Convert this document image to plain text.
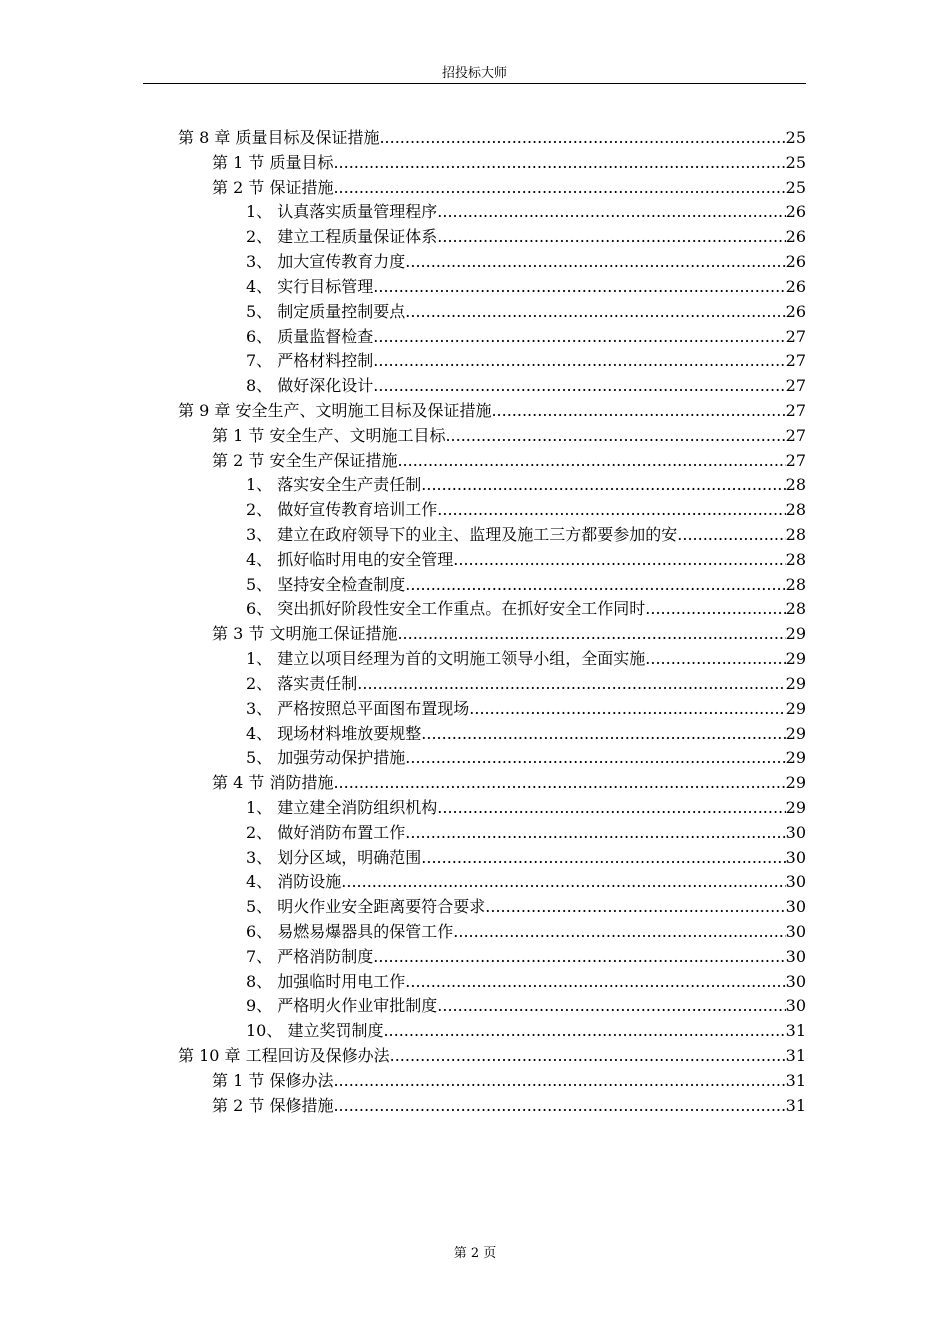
招投标大师
第 8 章 质量目标及保证措施 .....	25
第 1 节 质量目标 .....	25
第 2 节 保证措施 .....	25
1、 认真落实质量管理程序 .....	26
2、 建立工程质量保证体系 .....	26
3、 加大宣传教育力度 .....	26
4、 实行目标管理 .....	26
5、 制定质量控制要点 .....	26
6、 质量监督检查 .....	27
7、 严格材料控制 .....	27
8、 做好深化设计 .....	27
第 9 章 安全生产、文明施工目标及保证措施 .....	27
第 1 节 安全生产、文明施工目标 .....	27
第 2 节 安全生产保证措施 .....	27
1、 落实安全生产责任制 .....	28
2、 做好宣传教育培训工作 .....	28
3、 建立在政府领导下的业主、监理及施工三方都要参加的安 .....	28
4、 抓好临时用电的安全管理 .....	28
5、 坚持安全检查制度 .....	28
6、 突出抓好阶段性安全工作重点。在抓好安全工作同时 .....	28
第 3 节 文明施工保证措施 .....	29
1、 建立以项目经理为首的文明施工领导小组，全面实施 .....	29
2、 落实责任制 .....	29
3、 严格按照总平面图布置现场 .....	29
4、 现场材料堆放要规整 .....	29
5、 加强劳动保护措施 .....	29
第 4 节 消防措施 .....	29
1、 建立建全消防组织机构 .....	29
2、 做好消防布置工作 .....	30
3、 划分区域，明确范围 .....	30
4、 消防设施 .....	30
5、 明火作业安全距离要符合要求 .....	30
6、 易燃易爆器具的保管工作 .....	30
7、 严格消防制度 .....	30
8、 加强临时用电工作 .....	30
9、 严格明火作业审批制度 .....	30
10、 建立奖罚制度 .....	31
第 10 章 工程回访及保修办法 .....	31
第 1 节 保修办法 .....	31
第 2 节 保修措施 .....	31
第 2 页
